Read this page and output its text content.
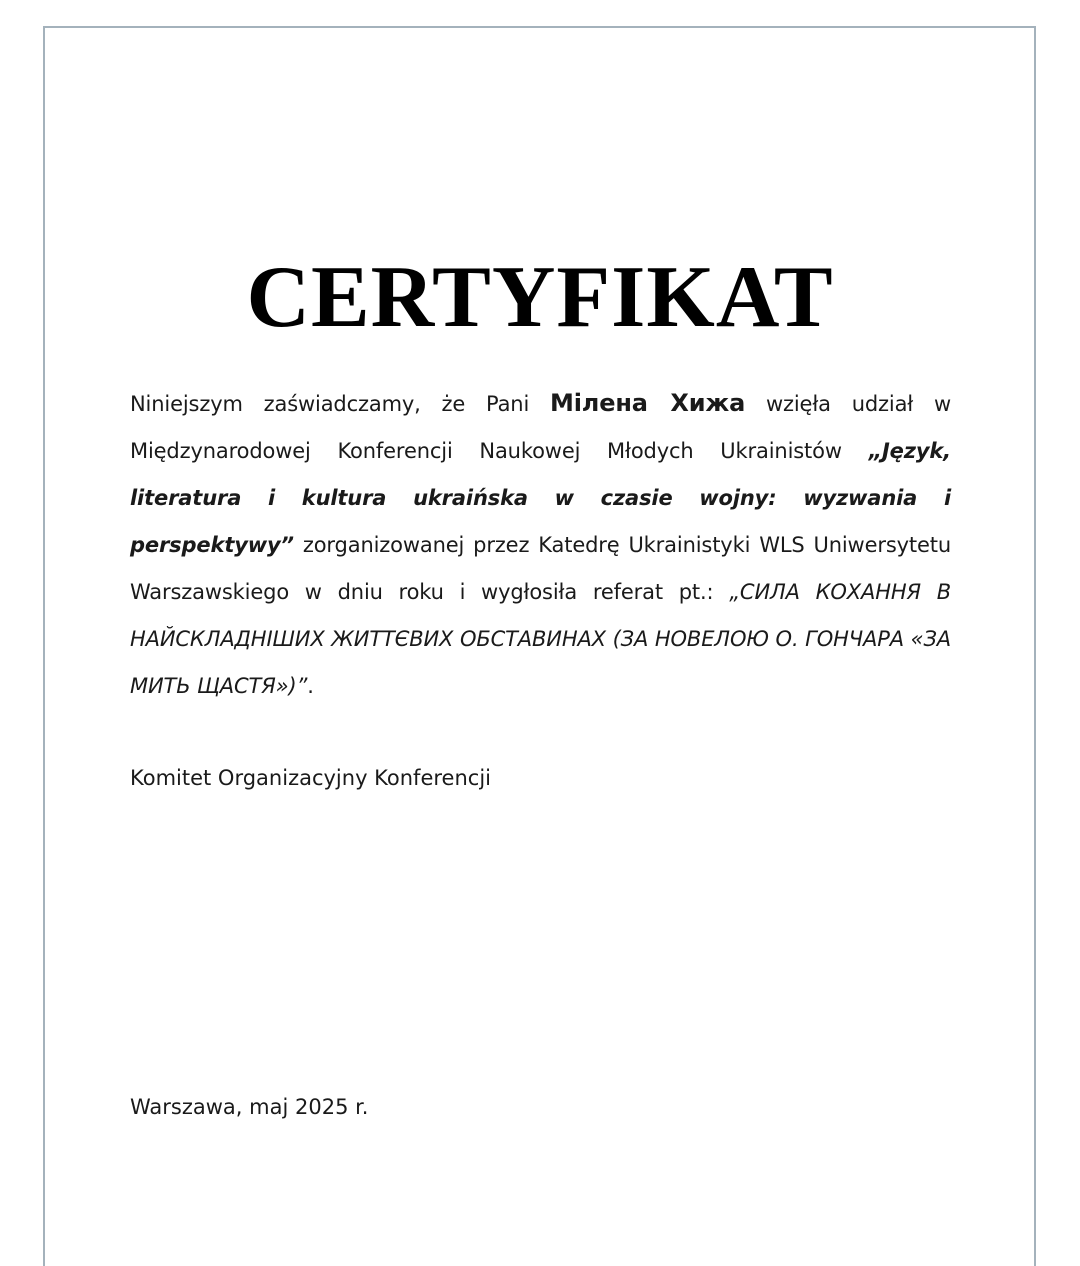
CERTYFIKAT

Niniejszym zaświadczamy, że Pani Мілена Хижа wzięła udział w Międzynarodowej Konferencji Naukowej Młodych Ukrainistów „Język, literatura i kultura ukraińska w czasie wojny: wyzwania i perspektywy” zorganizowanej przez Katedrę Ukrainistyki WLS Uniwersytetu Warszawskiego w dniu roku i wygłosiła referat pt.: „СИЛА КОХАННЯ В НАЙСКЛАДНІШИХ ЖИТТЄВИХ ОБСТАВИНАХ (ЗА НОВЕЛОЮ О. ГОНЧАРА «ЗА МИТЬ ЩАСТЯ»)”.

Komitet Organizacyjny Konferencji

Warszawa, maj 2025 r.
